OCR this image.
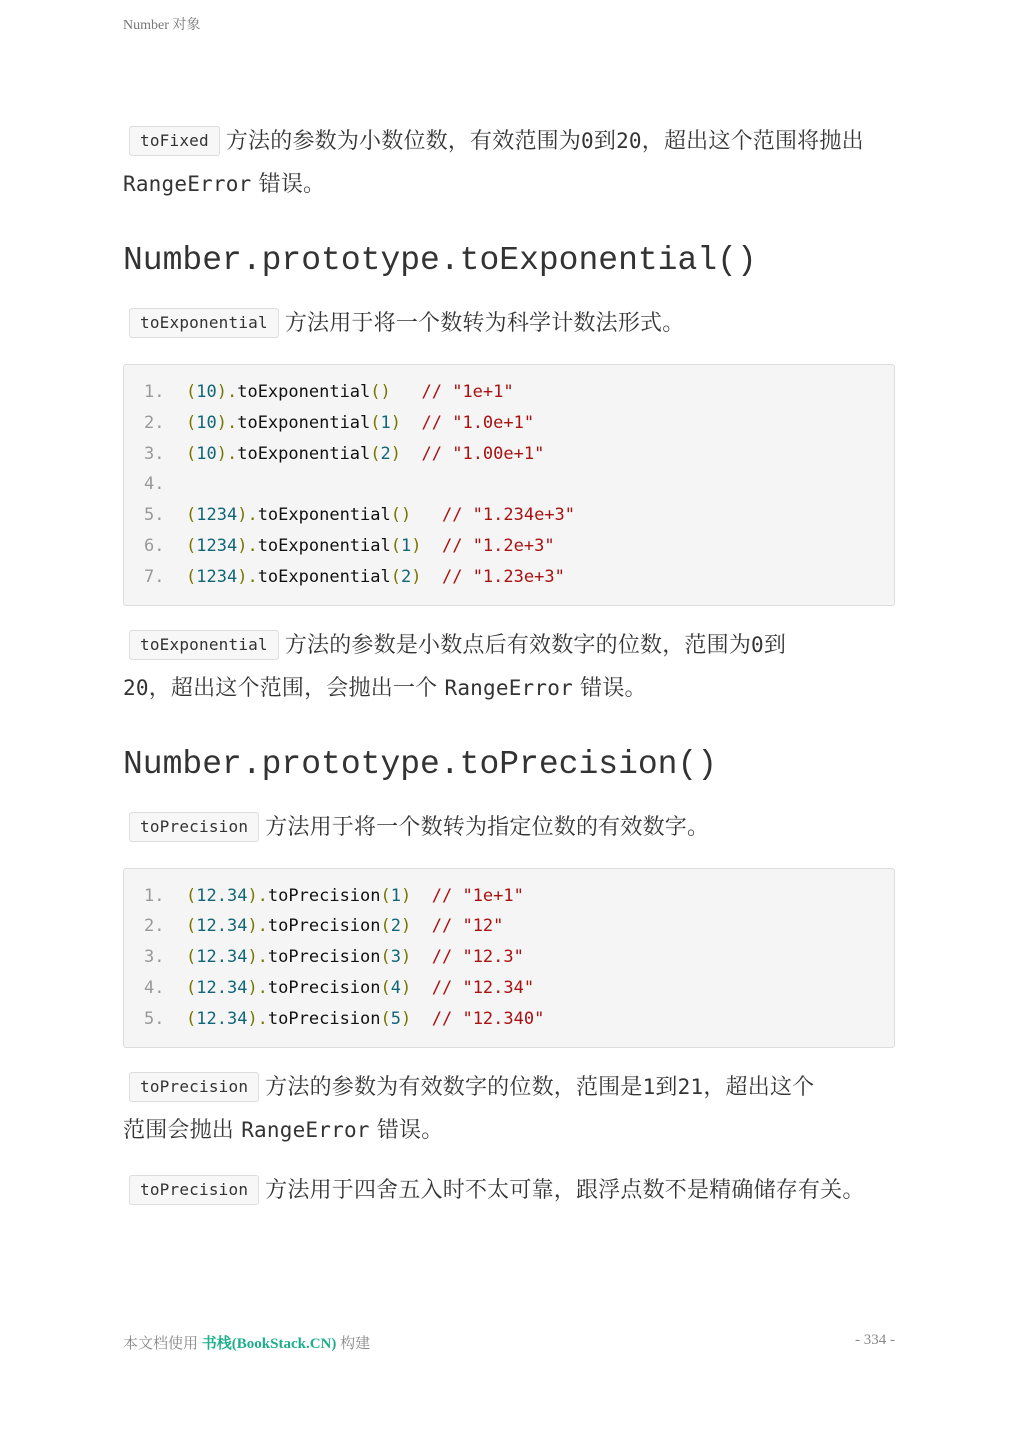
Number 对象

toFixed 方法的参数为小数位数，有效范围为0到20，超出这个范围将抛出 RangeError 错误。

Number.prototype.toExponential()

toExponential 方法用于将一个数转为科学计数法形式。

1. (10).toExponential() // "1e+1"
2. (10).toExponential(1) // "1.0e+1"
3. (10).toExponential(2) // "1.00e+1"
4.
5. (1234).toExponential() // "1.234e+3"
6. (1234).toExponential(1) // "1.2e+3"
7. (1234).toExponential(2) // "1.23e+3"

toExponential 方法的参数是小数点后有效数字的位数，范围为0到
20，超出这个范围，会抛出一个 RangeError 错误。

Number.prototype.toPrecision()

toPrecision 方法用于将一个数转为指定位数的有效数字。

1. (12.34).toPrecision(1) // "1e+1"
2. (12.34).toPrecision(2) // "12"
3. (12.34).toPrecision(3) // "12.3"
4. (12.34).toPrecision(4) // "12.34"
5. (12.34).toPrecision(5) // "12.340"

toPrecision 方法的参数为有效数字的位数，范围是1到21，超出这个
范围会抛出 RangeError 错误。

toPrecision 方法用于四舍五入时不太可靠，跟浮点数不是精确储存有关。

本文档使用 书栈(BookStack.CN) 构建	- 334 -
